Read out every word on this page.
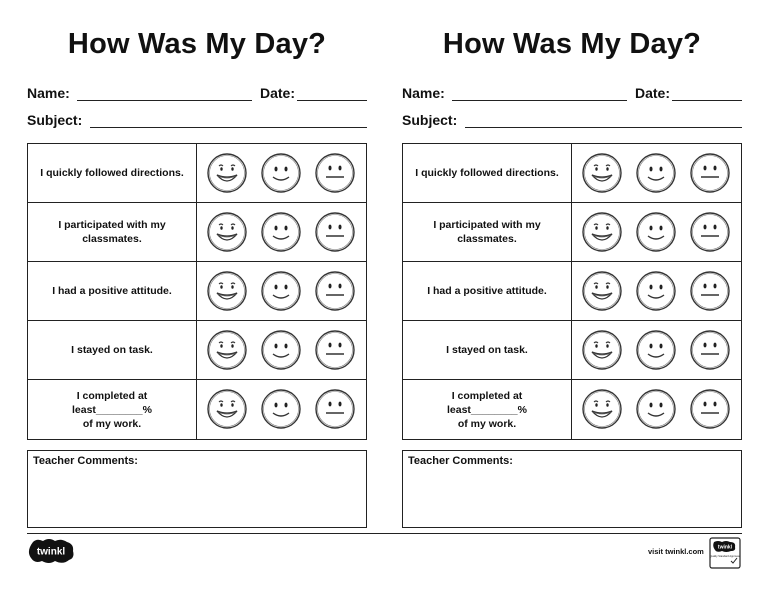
How Was My Day?
Name:	Date:
Subject:
I quickly followed directions.

I participated with my
classmates.
I had a positive attitude.

I stayed on task.

I completed at least________%
of my work.
Teacher Comments:
How Was My Day?
Name:	Date:
Subject:
I quickly followed directions.

I participated with my
classmates.
I had a positive attitude.

I stayed on task.

I completed at least________%
of my work.
Teacher Comments:
twinkl	visit twinkl.com	twinkl
Quality Standard Approved
